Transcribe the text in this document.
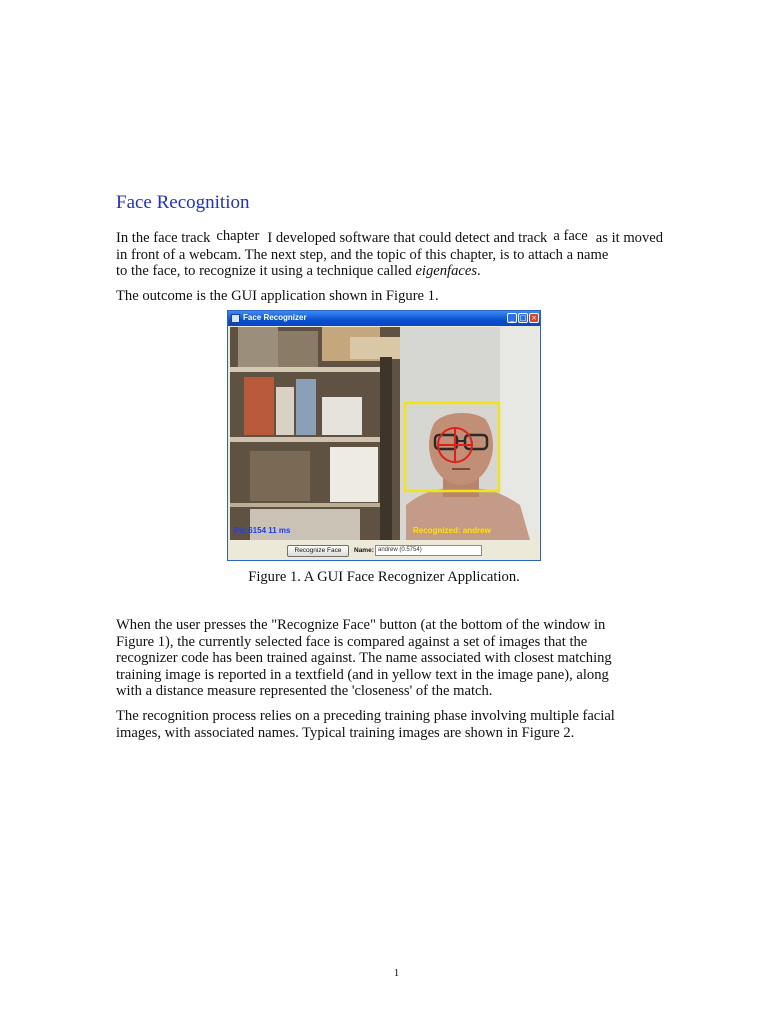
Face Recognition

In the face track chapter I developed software that could detect and track a face as it moved
in front of a webcam. The next step, and the topic of this chapter, is to attach a name
to the face, to recognize it using a technique called eigenfaces.

The outcome is the GUI application shown in Figure 1.

Face Recognizer	_ □ ×
Pic 6154 11 ms	Recognized: andrew
Recognize Face	Name: andrew (0.5754)

Figure 1. A GUI Face Recognizer Application.

When the user presses the "Recognize Face" button (at the bottom of the window in
Figure 1), the currently selected face is compared against a set of images that the
recognizer code has been trained against. The name associated with closest matching
training image is reported in a textfield (and in yellow text in the image pane), along
with a distance measure represented the 'closeness' of the match.

The recognition process relies on a preceding training phase involving multiple facial
images, with associated names. Typical training images are shown in Figure 2.

1
